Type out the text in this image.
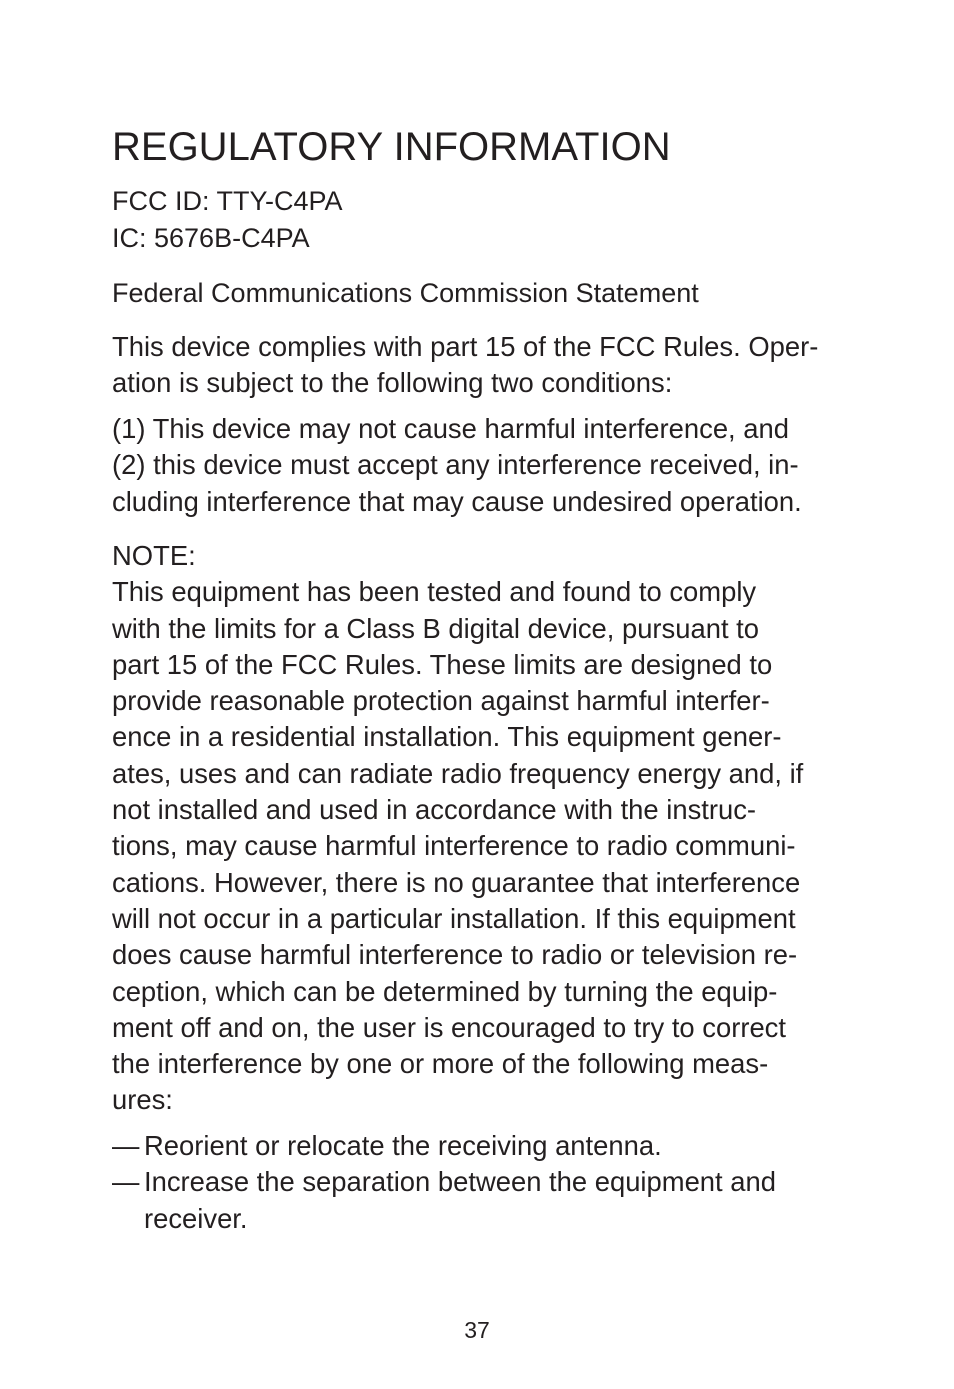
REGULATORY INFORMATION
FCC ID: TTY-C4PA
IC: 5676B-C4PA
Federal Communications Commission Statement
This device complies with part 15 of the FCC Rules. Oper-
ation is subject to the following two conditions:
(1) This device may not cause harmful interference, and
(2) this device must accept any interference received, in-
cluding interference that may cause undesired operation.
NOTE:
This equipment has been tested and found to comply
with the limits for a Class B digital device, pursuant to
part 15 of the FCC Rules. These limits are designed to
provide reasonable protection against harmful interfer-
ence in a residential installation. This equipment gener-
ates, uses and can radiate radio frequency energy and, if
not installed and used in accordance with the instruc-
tions, may cause harmful interference to radio communi-
cations. However, there is no guarantee that interference
will not occur in a particular installation. If this equipment
does cause harmful interference to radio or television re-
ception, which can be determined by turning the equip-
ment off and on, the user is encouraged to try to correct
the interference by one or more of the following meas-
ures:
— Reorient or relocate the receiving antenna.
— Increase the separation between the equipment and
receiver.
37
